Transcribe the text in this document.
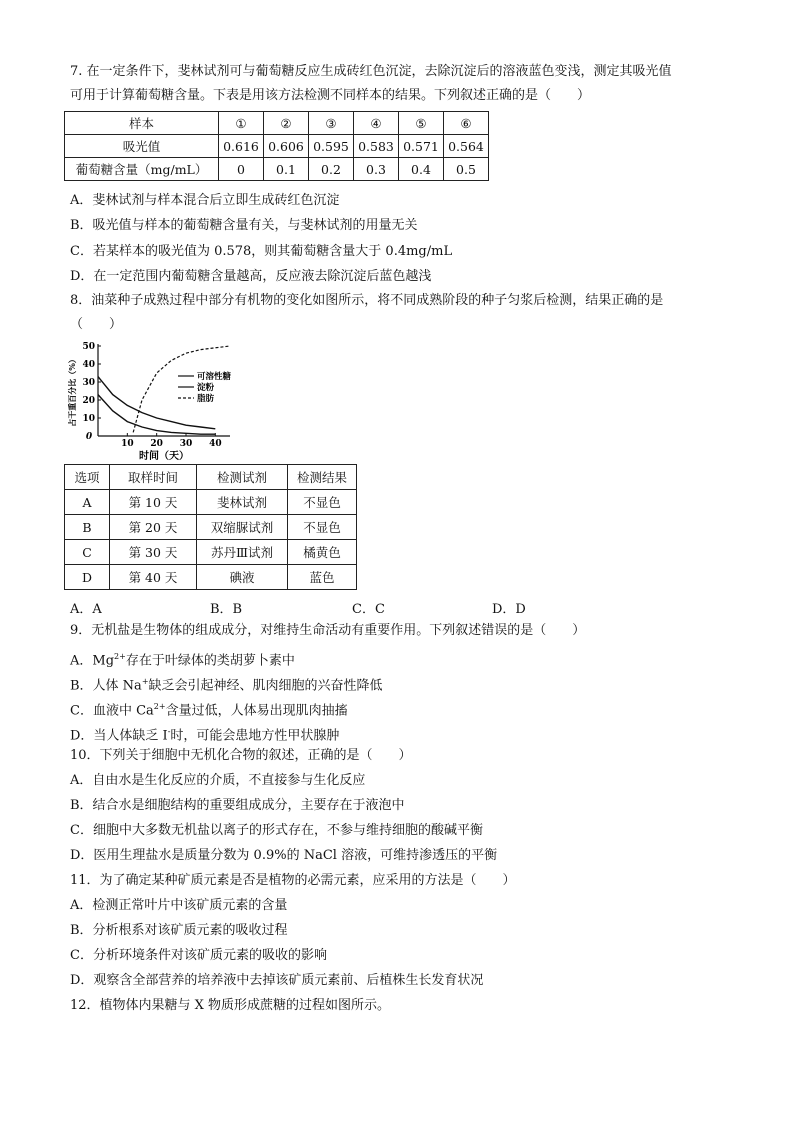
7. 在一定条件下，斐林试剂可与葡萄糖反应生成砖红色沉淀，去除沉淀后的溶液蓝色变浅，测定其吸光值
可用于计算葡萄糖含量。下表是用该方法检测不同样本的结果。下列叙述正确的是（　　）
样本	①	②	③	④	⑤	⑥
吸光值	0.616	0.606	0.595	0.583	0.571	0.564
葡萄糖含量（mg/mL）	0	0.1	0.2	0.3	0.4	0.5
A．斐林试剂与样本混合后立即生成砖红色沉淀
B．吸光值与样本的葡萄糖含量有关，与斐林试剂的用量无关
C．若某样本的吸光值为 0.578，则其葡萄糖含量大于 0.4mg/mL
D．在一定范围内葡萄糖含量越高，反应液去除沉淀后蓝色越浅
8．油菜种子成熟过程中部分有机物的变化如图所示，将不同成熟阶段的种子匀浆后检测，结果正确的是
（　　）
0
10 20 30 40
10
20
30
40
50
时间（天）
占干重百分比（%）	可溶性糖
淀粉
脂肪
选项	取样时间	检测试剂	检测结果
A	第 10 天	斐林试剂	不显色
B	第 20 天	双缩脲试剂	不显色
C	第 30 天	苏丹Ⅲ试剂	橘黄色
D	第 40 天	碘液	蓝色
A．A	B．B	C．C	D．D
9．无机盐是生物体的组成成分，对维持生命活动有重要作用。下列叙述错误的是（　　）
A．$Mg^{2+}$存在于叶绿体的类胡萝卜素中
B．人体 Na+缺乏会引起神经、肌肉细胞的兴奋性降低
C．血液中 $Ca^{2+}$含量过低，人体易出现肌肉抽搐
D．当人体缺乏 I-时，可能会患地方性甲状腺肿
10．下列关于细胞中无机化合物的叙述，正确的是（　　）
A．自由水是生化反应的介质，不直接参与生化反应
B．结合水是细胞结构的重要组成成分，主要存在于液泡中
C．细胞中大多数无机盐以离子的形式存在，不参与维持细胞的酸碱平衡
D．医用生理盐水是质量分数为 0.9%的 NaCl 溶液，可维持渗透压的平衡
11．为了确定某种矿质元素是否是植物的必需元素，应采用的方法是（　　）
A．检测正常叶片中该矿质元素的含量
B．分析根系对该矿质元素的吸收过程
C．分析环境条件对该矿质元素的吸收的影响
D．观察含全部营养的培养液中去掉该矿质元素前、后植株生长发育状况
12．植物体内果糖与 X 物质形成蔗糖的过程如图所示。
